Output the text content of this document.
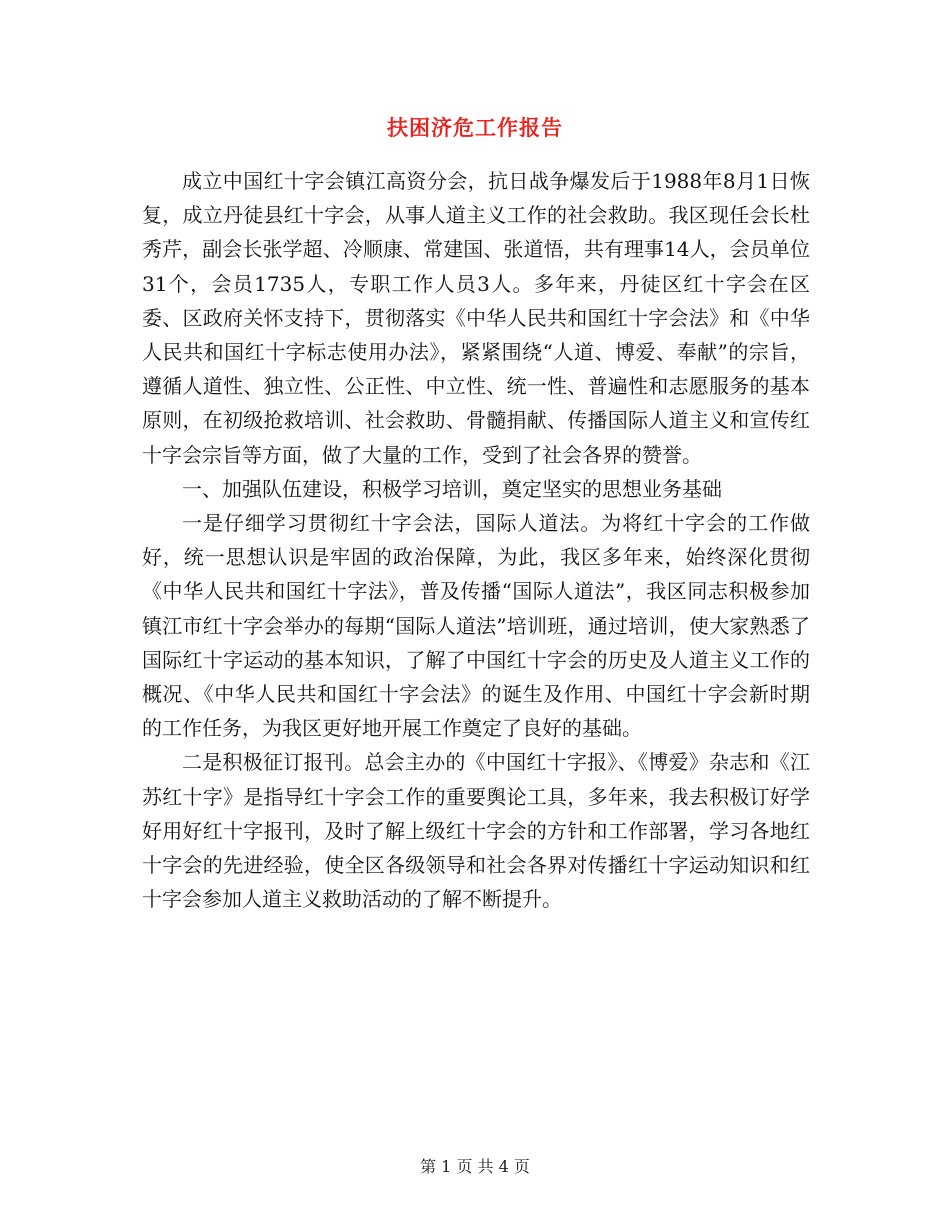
扶困济危工作报告

成立中国红十字会镇江高资分会，抗日战争爆发后于1988年8月1日恢复，成立丹徒县红十字会，从事人道主义工作的社会救助。我区现任会长杜秀芹，副会长张学超、冷顺康、常建国、张道悟，共有理事14人，会员单位31个，会员1735人，专职工作人员3人。多年来，丹徒区红十字会在区委、区政府关怀支持下，贯彻落实《中华人民共和国红十字会法》和《中华人民共和国红十字标志使用办法》，紧紧围绕“人道、博爱、奉献”的宗旨，遵循人道性、独立性、公正性、中立性、统一性、普遍性和志愿服务的基本原则，在初级抢救培训、社会救助、骨髓捐献、传播国际人道主义和宣传红十字会宗旨等方面，做了大量的工作，受到了社会各界的赞誉。

一、加强队伍建设，积极学习培训，奠定坚实的思想业务基础

一是仔细学习贯彻红十字会法，国际人道法。为将红十字会的工作做好，统一思想认识是牢固的政治保障，为此，我区多年来，始终深化贯彻《中华人民共和国红十字法》，普及传播“国际人道法”，我区同志积极参加镇江市红十字会举办的每期“国际人道法”培训班，通过培训，使大家熟悉了国际红十字运动的基本知识，了解了中国红十字会的历史及人道主义工作的概况、《中华人民共和国红十字会法》的诞生及作用、中国红十字会新时期的工作任务，为我区更好地开展工作奠定了良好的基础。

二是积极征订报刊。总会主办的《中国红十字报》、《博爱》杂志和《江苏红十字》是指导红十字会工作的重要舆论工具，多年来，我去积极订好学好用好红十字报刊，及时了解上级红十字会的方针和工作部署，学习各地红十字会的先进经验，使全区各级领导和社会各界对传播红十字运动知识和红十字会参加人道主义救助活动的了解不断提升。

第 1 页 共 4 页
